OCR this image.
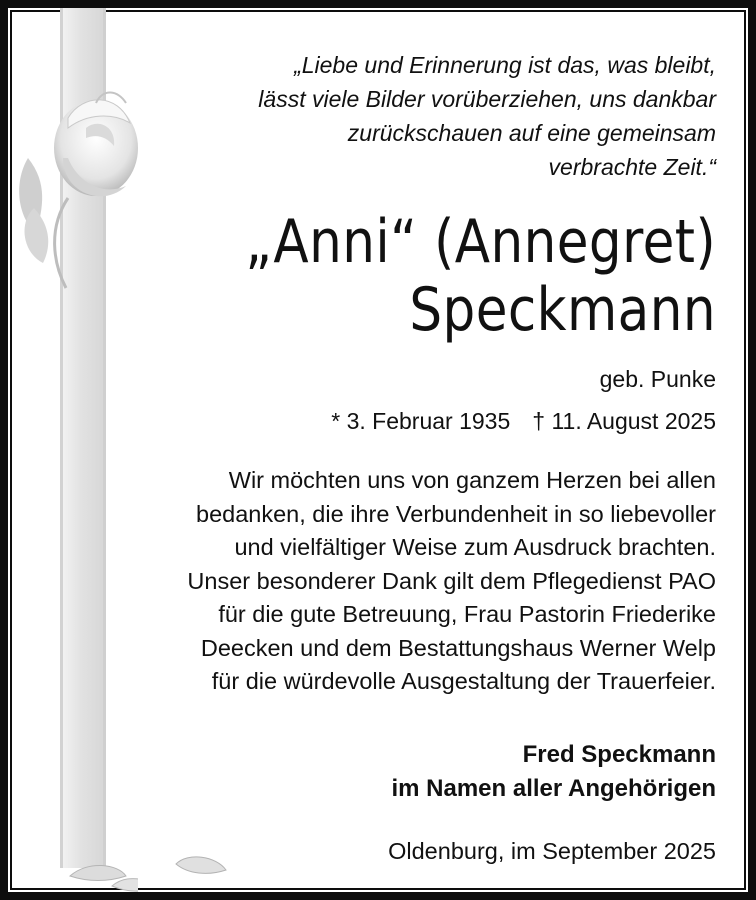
„Liebe und Erinnerung ist das, was bleibt,
lässt viele Bilder vorüberziehen, uns dankbar
zurückschauen auf eine gemeinsam
verbrachte Zeit.“
„Anni“ (Annegret)
Speckmann
geb. Punke
* 3. Februar 1935 † 11. August 2025
Wir möchten uns von ganzem Herzen bei allen
bedanken, die ihre Verbundenheit in so liebevoller
und vielfältiger Weise zum Ausdruck brachten.
Unser besonderer Dank gilt dem Pflegedienst PAO
für die gute Betreuung, Frau Pastorin Friederike
Deecken und dem Bestattungshaus Werner Welp
für die würdevolle Ausgestaltung der Trauerfeier.
Fred Speckmann
im Namen aller Angehörigen
Oldenburg, im September 2025
